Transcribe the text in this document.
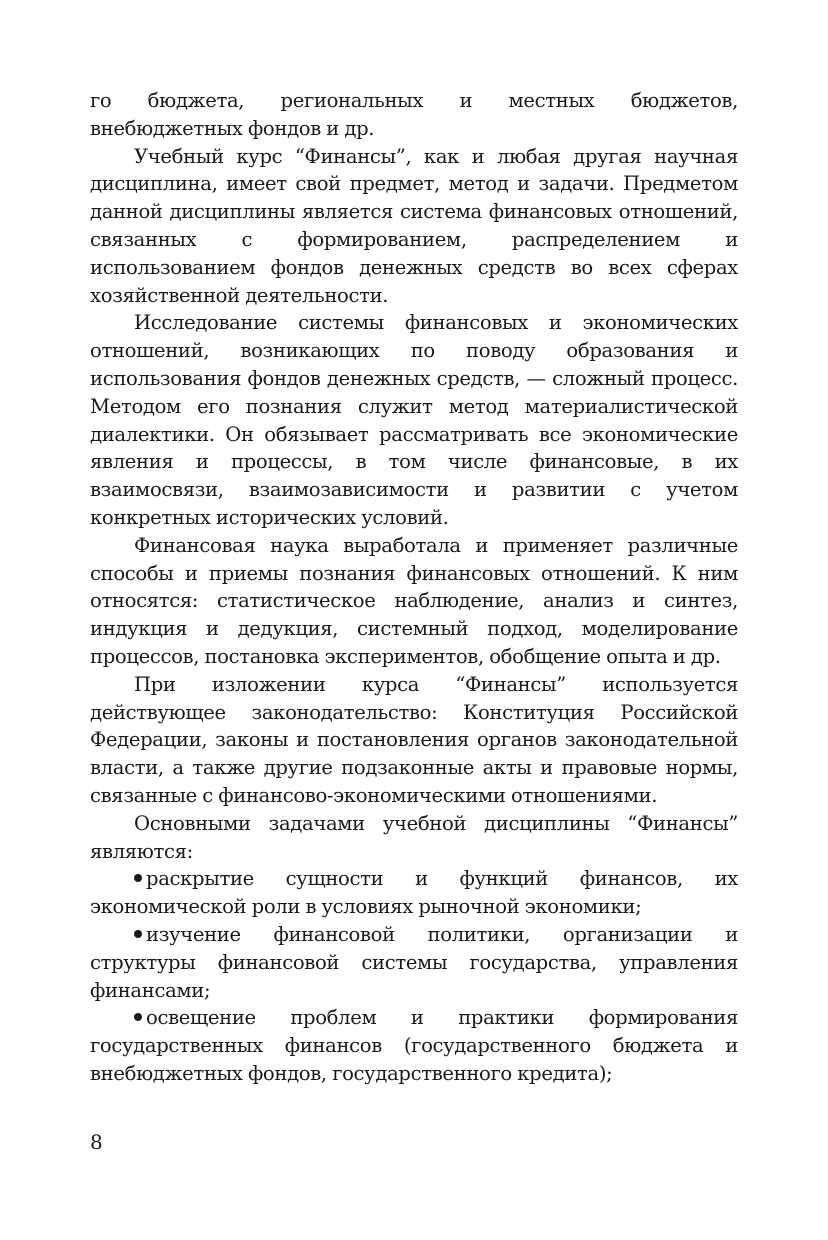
го бюджета, региональных и местных бюджетов, внебюджетных фондов и др.

Учебный курс “Финансы”, как и любая другая научная дисциплина, имеет свой предмет, метод и задачи. Предметом данной дисциплины является система финансовых отношений, связанных с формированием, распределением и использованием фондов денежных средств во всех сферах хозяйственной деятельности.

Исследование системы финансовых и экономических отношений, возникающих по поводу образования и использования фондов денежных средств, — сложный процесс. Методом его познания служит метод материалистической диалектики. Он обязывает рассматривать все экономические явления и процессы, в том числе финансовые, в их взаимосвязи, взаимозависимости и развитии с учетом конкретных исторических условий.

Финансовая наука выработала и применяет различные способы и приемы познания финансовых отношений. К ним относятся: статистическое наблюдение, анализ и синтез, индукция и дедукция, системный подход, моделирование процессов, постановка экспериментов, обобщение опыта и др.

При изложении курса “Финансы” используется действующее законодательство: Конституция Российской Федерации, законы и постановления органов законодательной власти, а также другие подзаконные акты и правовые нормы, связанные с финансово-экономическими отношениями.

Основными задачами учебной дисциплины “Финансы” являются:

раскрытие сущности и функций финансов, их экономической роли в условиях рыночной экономики;

изучение финансовой политики, организации и структуры финансовой системы государства, управления финансами;

освещение проблем и практики формирования государственных финансов (государственного бюджета и внебюджетных фондов, государственного кредита);

8
